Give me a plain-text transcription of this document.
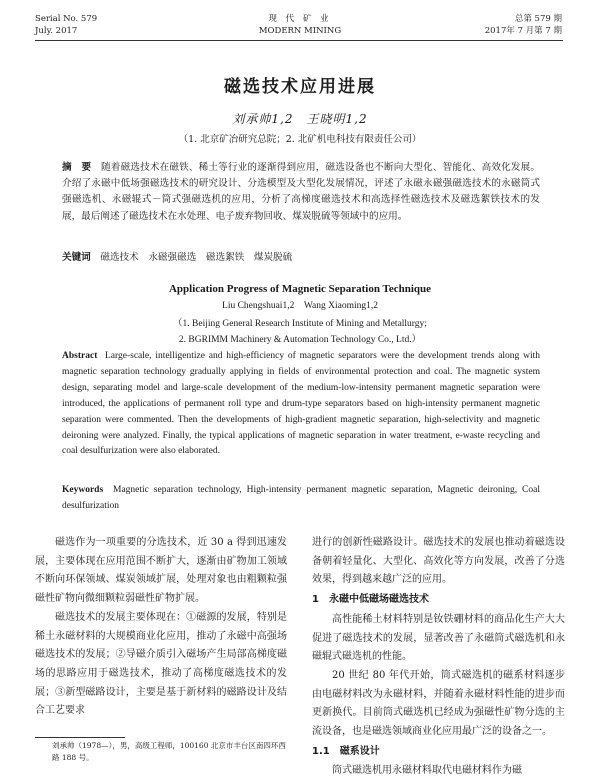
Serial No. 579
July. 2017
现 代 矿 业
MODERN MINING
总第 579 期
2017年 7 月第 7 期
磁选技术应用进展
刘承帅1,2　王晓明1,2
（1. 北京矿冶研究总院；2. 北矿机电科技有限责任公司）
摘　要　 随着磁选技术在磁铁、稀土等行业的逐渐得到应用，磁选设备也不断向大型化、智能化、高效化发展。介绍了永磁中低场强磁选技术的研究设计、分选模型及大型化发展情况，评述了永磁永磁强磁选技术的永磁筒式强磁选机、永磁辊式－筒式强磁选机的应用，分析了高梯度磁选技术和高选择性磁选技术及磁选絮铁技术的发展，最后阐述了磁选技术在水处理、电子废弃物回收、煤炭脱硫等领域中的应用。
关键词　 磁选技术　永磁强磁选　磁选絮铁　煤炭脱硫
Application Progress of Magnetic Separation Technique
Liu Chengshuai1,2　Wang Xiaoming1,2
（1. Beijing General Research Institute of Mining and Metallurgy;
2. BGRIMM Machinery & Automation Technology Co., Ltd.）
Abstract Large-scale, intelligentize and high-efficiency of magnetic separators were the development trends along with magnetic separation technology gradually applying in fields of environmental protection and coal. The magnetic system design, separating model and large-scale development of the medium-low-intensity permanent magnetic separation were introduced, the applications of permanent roll type and drum-type separators based on high-intensity permanent magnetic separation were commented. Then the developments of high-gradient magnetic separation, high-selectivity and magnetic deironing were analyzed. Finally, the typical applications of magnetic separation in water treatment, e-waste recycling and coal desulfurization were also elaborated.
Keywords Magnetic separation technology, High-intensity permanent magnetic separation, Magnetic deironing, Coal desulfurization

磁选作为一项重要的分选技术，近 30 a 得到迅速发展，主要体现在应用范围不断扩大，逐渐由矿物加工领域不断向环保领域、煤炭领域扩展，处理对象也由粗颗粒强磁性矿物向微细颗粒弱磁性矿物扩展。

磁选技术的发展主要体现在：①磁源的发展，特别是稀土永磁材料的大规模商业化应用，推动了永磁中高强场磁选技术的发展；②导磁介质引入磁场产生局部高梯度磁场的思路应用于磁选技术，推动了高梯度磁选技术的发展；③新型磁路设计，主要是基于新材料的磁路设计及结合工艺要求

刘承帅（1978—），男，高级工程师，100160 北京市丰台区南四环西路 188 号。

进行的创新性磁路设计。磁选技术的发展也推动着磁选设备朝着轻量化、大型化、高效化等方向发展，改善了分选效果，得到越来越广泛的应用。

1　永磁中低磁场磁选技术

高性能稀土材料特别是钕铁硼材料的商品化生产大大促进了磁选技术的发展，显著改善了永磁筒式磁选机和永磁辊式磁选机的性能。

20 世纪 80 年代开始，筒式磁选机的磁系材料逐步由电磁材料改为永磁材料，并随着永磁材料性能的进步而更新换代。目前筒式磁选机已经成为强磁性矿物分选的主流设备，也是磁选领域商业化应用最广泛的设备之一。

1.1　磁系设计

筒式磁选机用永磁材料取代电磁材料作为磁
